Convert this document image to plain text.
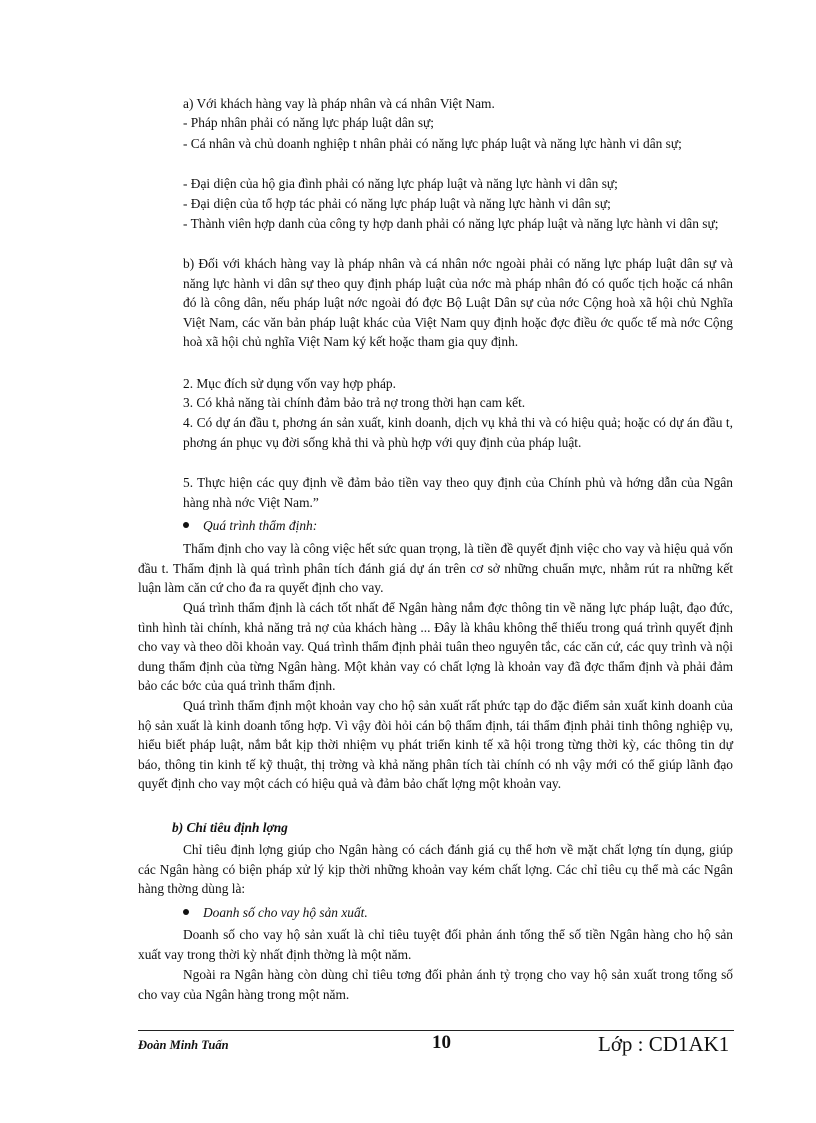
a) Với khách hàng vay là pháp nhân và cá nhân Việt Nam.

- Pháp nhân phải có năng lực pháp luật dân sự;

- Cá nhân và chủ doanh nghiệp t nhân phải có năng lực pháp luật và năng lực hành vi dân sự;

- Đại diện của hộ gia đình phải có năng lực pháp luật và năng lực hành vi dân sự;

- Đại diện của tổ hợp tác phải có năng lực pháp luật và năng lực hành vi dân sự;

- Thành viên hợp danh của công ty hợp danh phải có năng lực pháp luật và năng lực hành vi dân sự;

b) Đối với khách hàng vay là pháp nhân và cá nhân nớc ngoài phải có năng lực pháp luật dân sự và năng lực hành vi dân sự theo quy định pháp luật của nớc mà pháp nhân đó có quốc tịch hoặc cá nhân đó là công dân, nếu pháp luật nớc ngoài đó đợc Bộ Luật Dân sự của nớc Cộng hoà xã hội chủ Nghĩa Việt Nam, các văn bản pháp luật khác của Việt Nam quy định hoặc đợc điều ớc quốc tế mà nớc Cộng hoà xã hội chủ nghĩa Việt Nam ký kết hoặc tham gia quy định.

2. Mục đích sử dụng vốn vay hợp pháp.

3. Có khả năng tài chính đảm bảo trả nợ trong thời hạn cam kết.

4. Có dự án đầu t, phơng án sản xuất, kinh doanh, dịch vụ khả thi và có hiệu quả; hoặc có dự án đầu t, phơng án phục vụ đời sống khả thi và phù hợp với quy định của pháp luật.

5. Thực hiện các quy định về đảm bảo tiền vay theo quy định của Chính phủ và hớng dẫn của Ngân hàng nhà nớc Việt Nam.”

Quá trình thẩm định:

Thẩm định cho vay là công việc hết sức quan trọng, là tiền đề quyết định việc cho vay và hiệu quả vốn đầu t. Thẩm định là quá trình phân tích đánh giá dự án trên cơ sở những chuẩn mực, nhằm rút ra những kết luận làm căn cứ cho đa ra quyết định cho vay.

Quá trình thẩm định là cách tốt nhất để Ngân hàng nắm đợc thông tin về năng lực pháp luật, đạo đức, tình hình tài chính, khả năng trả nợ của khách hàng ... Đây là khâu không thể thiếu trong quá trình quyết định cho vay và theo dõi khoản vay. Quá trình thẩm định phải tuân theo nguyên tắc, các căn cứ, các quy trình và nội dung thẩm định của từng Ngân hàng. Một khản vay có chất lợng là khoản vay đã đợc thẩm định và phải đảm bảo các bớc của quá trình thẩm định.

Quá trình thẩm định một khoản vay cho hộ sản xuất rất phức tạp do đặc điểm sản xuất kinh doanh của hộ sản xuất là kinh doanh tổng hợp. Vì vậy đòi hỏi cán bộ thẩm định, tái thẩm định phải tinh thông nghiệp vụ, hiểu biết pháp luật, nắm bắt kịp thời nhiệm vụ phát triển kinh tế xã hội trong từng thời kỳ, các thông tin dự báo, thông tin kinh tế kỹ thuật, thị trờng và khả năng phân tích tài chính có nh vậy mới có thể giúp lãnh đạo quyết định cho vay một cách có hiệu quả và đảm bảo chất lợng một khoản vay.

b) Chỉ tiêu định lợng

Chỉ tiêu định lợng giúp cho Ngân hàng có cách đánh giá cụ thể hơn về mặt chất lợng tín dụng, giúp các Ngân hàng có biện pháp xử lý kịp thời những khoản vay kém chất lợng. Các chỉ tiêu cụ thể mà các Ngân hàng thờng dùng là:

Doanh số cho vay hộ sản xuất.

Doanh số cho vay hộ sản xuất là chỉ tiêu tuyệt đối phản ánh tổng thể số tiền Ngân hàng cho hộ sản xuất vay trong thời kỳ nhất định thờng là một năm.

Ngoài ra Ngân hàng còn dùng chỉ tiêu tơng đối phản ánh tỷ trọng cho vay hộ sản xuất trong tổng số cho vay của Ngân hàng trong một năm.

Đoàn Minh Tuấn	10	Lớp : CD1AK1
